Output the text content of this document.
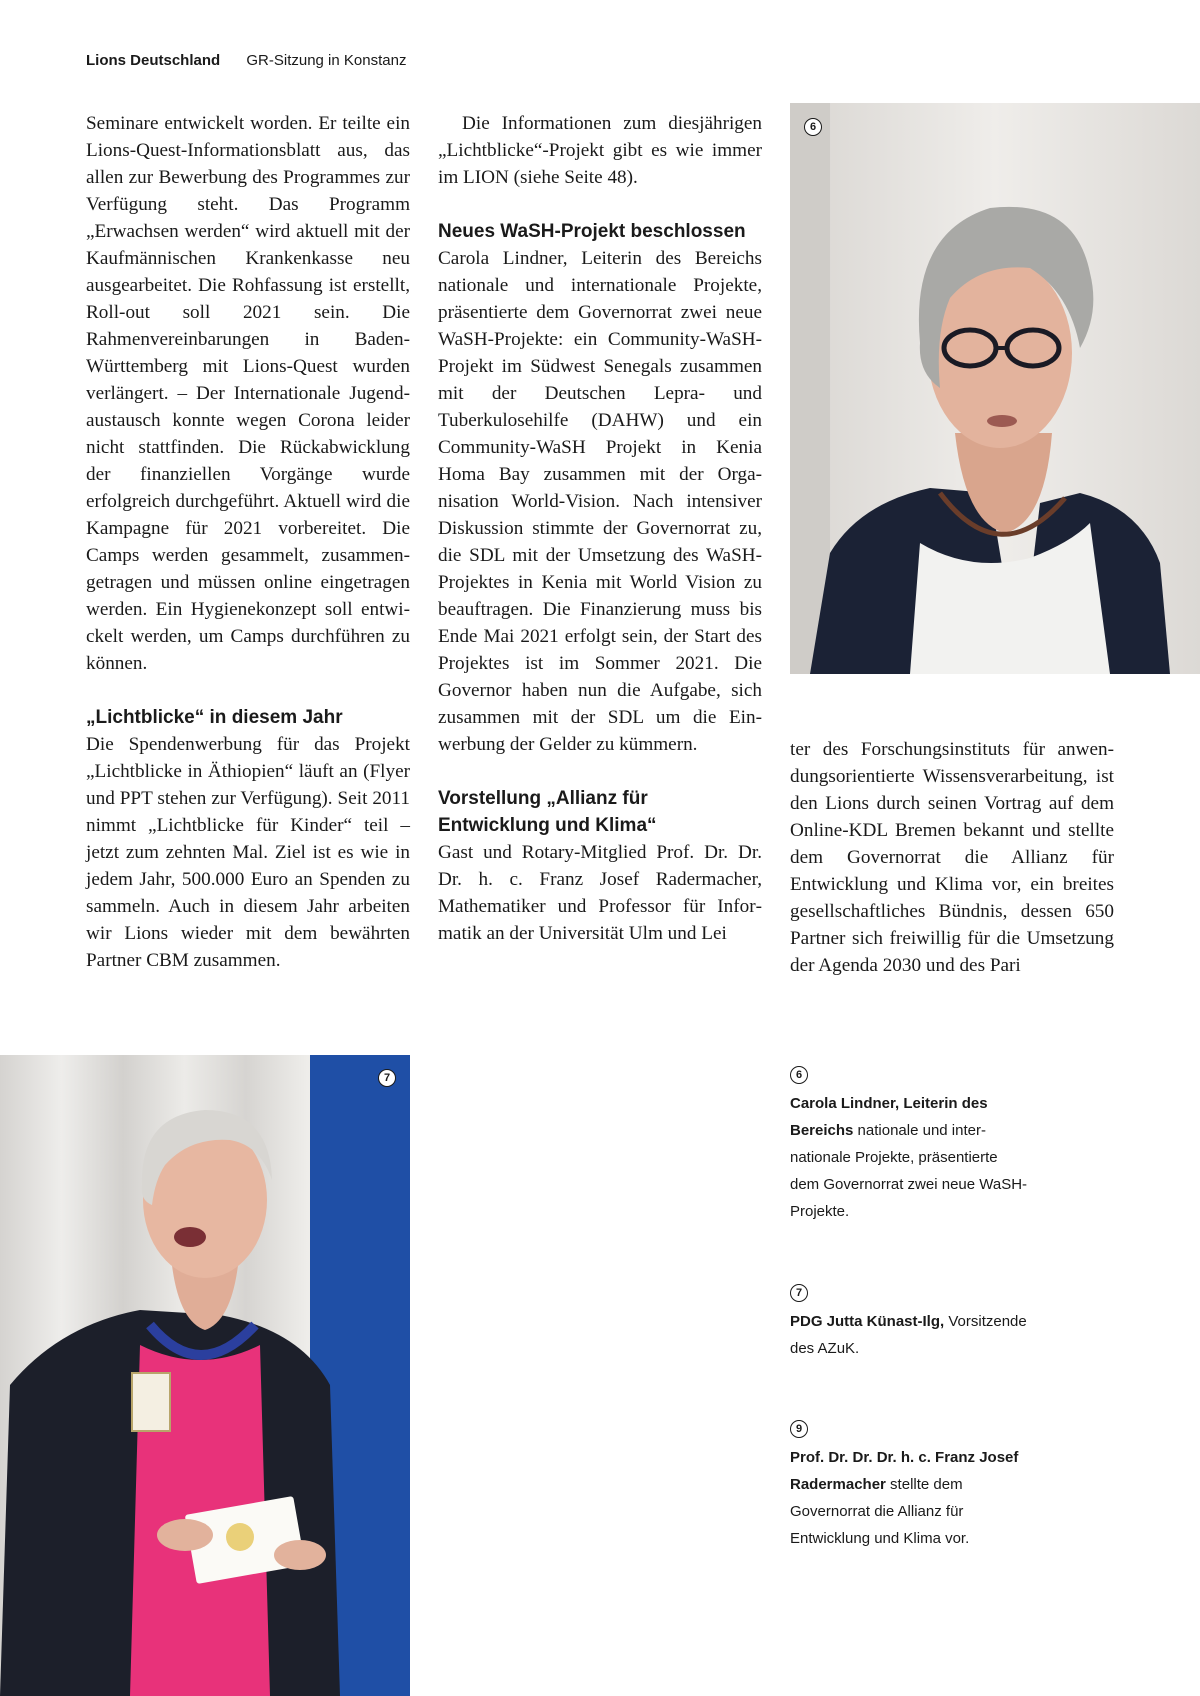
Lions Deutschland GR-Sitzung in Konstanz

Seminare entwickelt worden. Er teilte ein Lions-Quest-Informationsblatt aus, das allen zur Bewerbung des Programmes zur Verfügung steht. Das Programm „Erwachsen werden“ wird aktuell mit der Kaufmännischen Krankenkasse neu ausgearbeitet. Die Rohfassung ist erstellt, Roll-out soll 2021 sein. Die Rahmenvereinbarungen in Baden-Württemberg mit Lions-Quest wurden verlängert. – Der Internationale Jugendaustausch konnte wegen Corona leider nicht stattfinden. Die Rückabwicklung der finanziellen Vorgänge wurde erfolgreich durchgeführt. Aktuell wird die Kampagne für 2021 vorbereitet. Die Camps werden gesammelt, zusammengetragen und müssen online eingetragen werden. Ein Hygienekonzept soll entwickelt werden, um Camps durchführen zu können.

„Lichtblicke“ in diesem Jahr

Die Spendenwerbung für das Projekt „Lichtblicke in Äthiopien“ läuft an (Flyer und PPT stehen zur Verfügung). Seit 2011 nimmt „Lichtblicke für Kinder“ teil – jetzt zum zehnten Mal. Ziel ist es wie in jedem Jahr, 500.000 Euro an Spenden zu sammeln. Auch in diesem Jahr arbeiten wir Lions wieder mit dem bewährten Partner CBM zusammen.

Die Informationen zum diesjährigen „Lichtblicke“-Projekt gibt es wie immer im LION (siehe Seite 48).

Neues WaSH-Projekt beschlossen

Carola Lindner, Leiterin des Bereichs nationale und internationale Projekte, präsentierte dem Governorrat zwei neue WaSH-Projekte: ein Community-WaSH-Projekt im Südwest Senegals zusammen mit der Deutschen Lepra- und Tuberkulosehilfe (DAHW) und ein Community-WaSH Projekt in Kenia Homa Bay zusammen mit der Organisation World-Vision. Nach intensiver Diskussion stimmte der Governorrat zu, die SDL mit der Umsetzung des WaSH-Projektes in Kenia mit World Vision zu beauftragen. Die Finanzierung muss bis Ende Mai 2021 erfolgt sein, der Start des Projektes ist im Sommer 2021. Die Governor haben nun die Aufgabe, sich zusammen mit der SDL um die Einwerbung der Gelder zu kümmern.

Vorstellung „Allianz für Entwicklung und Klima“

Gast und Rotary-Mitglied Prof. Dr. Dr. Dr. h. c. Franz Josef Radermacher, Mathematiker und Professor für Informatik an der Universität Ulm und Lei

ter des Forschungsinstituts für anwendungsorientierte Wissensverarbeitung, ist den Lions durch seinen Vortrag auf dem Online-KDL Bremen bekannt und stellte dem Governorrat die Allianz für Entwicklung und Klima vor, ein breites gesellschaftliches Bündnis, dessen 650 Partner sich freiwillig für die Umsetzung der Agenda 2030 und des Pari

6
7	6
Carola Lindner, Leiterin des Bereichs nationale und internationale Projekte, präsentierte dem Governorrat zwei neue WaSH-Projekte.
7
PDG Jutta Künast-Ilg, Vorsitzende des AZuK.
9
Prof. Dr. Dr. Dr. h. c. Franz Josef Radermacher stellte dem Governorrat die Allianz für Entwicklung und Klima vor.
